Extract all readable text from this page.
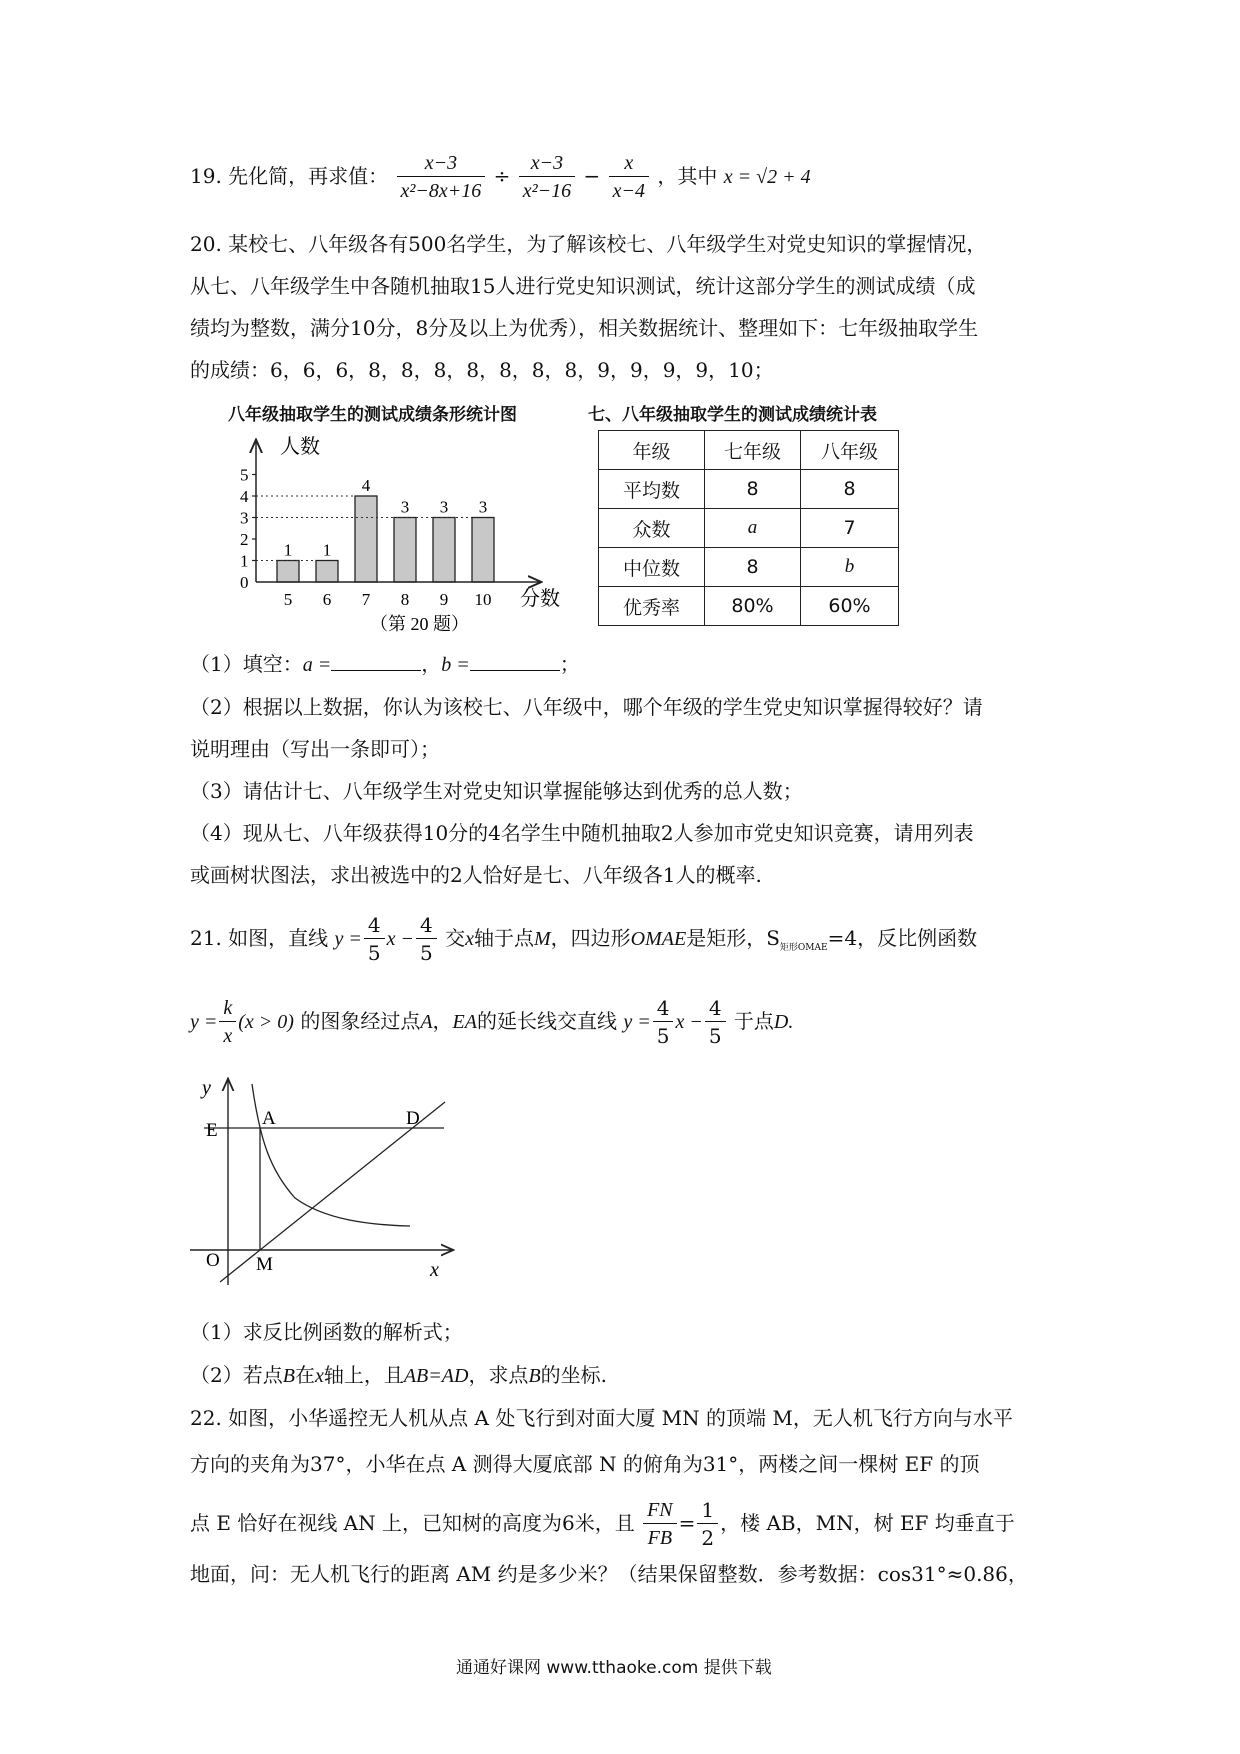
19. 先化简，再求值： $\frac{x-3}{\text{x²−8x+16}} \div \frac{x-3}{\text{x²−16}} - \frac{x}{x-4}$ ，其中 x = √2 + 4
20. 某校七、八年级各有500名学生，为了解该校七、八年级学生对党史知识的掌握情况，
从七、八年级学生中各随机抽取15人进行党史知识测试，统计这部分学生的测试成绩（成
绩均为整数，满分10分，8分及以上为优秀），相关数据统计、整理如下：七年级抽取学生
的成绩：6，6，6，8，8，8，8，8，8，8，9，9，9，9，10；
八年级抽取学生的测试成绩条形统计图
人数
分数
（第 20 题）
0
1
2
3
4
5
1
5
1
6
4
7
3
8
3
9
3
10
七、八年级抽取学生的测试成绩统计表
年级	七年级	八年级
平均数	8	8
众数	a	7
中位数	8	b
优秀率	80%	60%
（1）填空：a =	，b =	；
（2）根据以上数据，你认为该校七、八年级中，哪个年级的学生党史知识掌握得较好？请
说明理由（写出一条即可）；
（3）请估计七、八年级学生对党史知识掌握能够达到优秀的总人数；
（4）现从七、八年级获得10分的4名学生中随机抽取2人参加市党史知识竞赛，请用列表
或画树状图法，求出被选中的2人恰好是七、八年级各1人的概率.
21. 如图，直线 $y = \frac{4}{5}$ $x - \frac{4}{5}$ 交x轴于点M，四边形OMAE是矩形，$S_{矩形OMAE}=4$，反比例函数
$y = \frac{k}{x} (x > 0)$ 的图象经过点A，EA的延长线交直线 $y = \frac{4}{5}$ $x - \frac{4}{5}$ 于点D.
y
x
O M
E
A	D
（1）求反比例函数的解析式；
（2）若点B在x轴上，且AB=AD，求点B的坐标.
22. 如图，小华遥控无人机从点 A 处飞行到对面大厦 MN 的顶端 M，无人机飞行方向与水平
方向的夹角为37°，小华在点 A 测得大厦底部 N 的俯角为31°，两楼之间一棵树 EF 的顶
点 E 恰好在视线 AN 上，已知树的高度为6米，且 $\frac{FN}{FB} = \frac{1}{2}$ ，楼 AB，MN，树 EF 均垂直于
地面，问：无人机飞行的距离 AM 约是多少米？（结果保留整数．参考数据：cos31°≈0.86，
通通好课网 www.tthaoke.com 提供下载
